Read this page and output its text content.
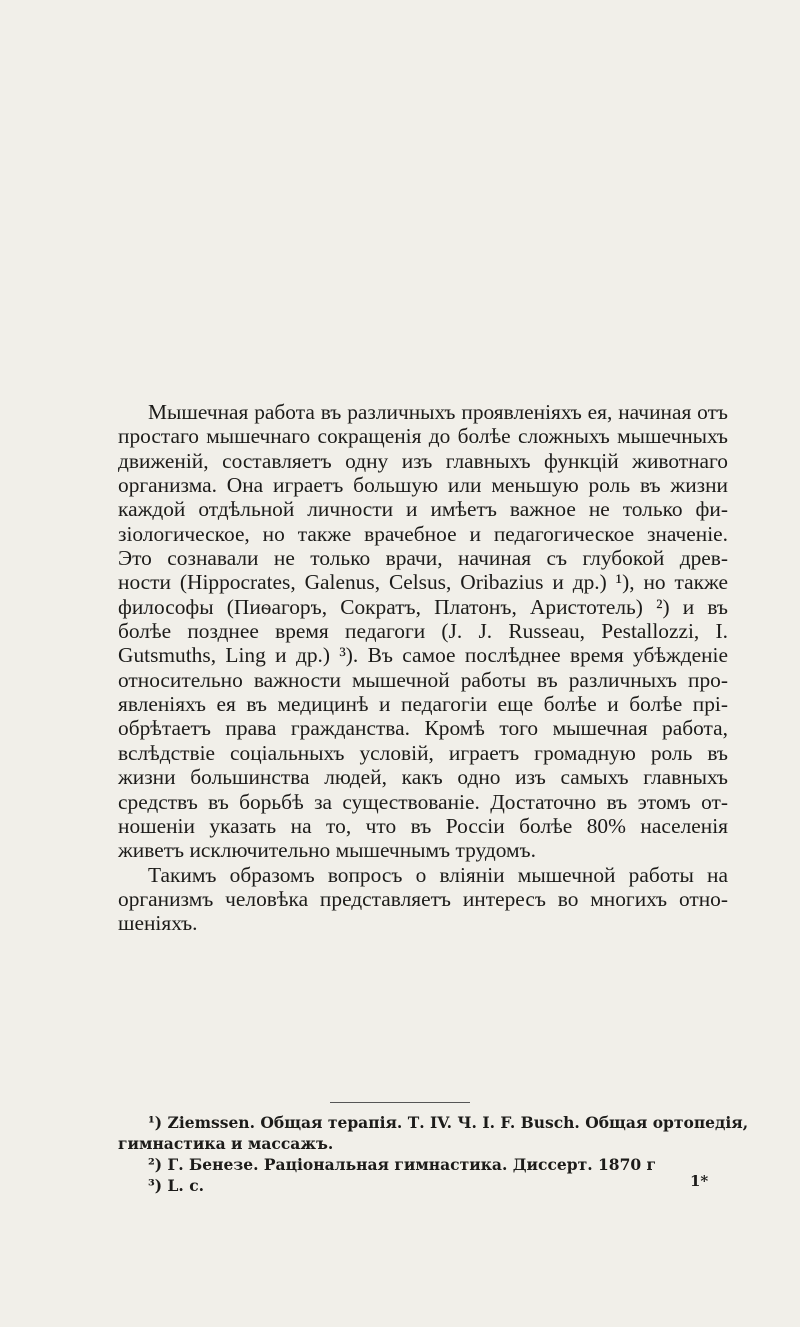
Мышечная работа въ различныхъ проявленіяхъ ея, начиная отъ
простаго мышечнаго сокращенія до болѣе сложныхъ мышечныхъ
движеній, составляетъ одну изъ главныхъ функцій животнаго
организма. Она играетъ большую или меньшую роль въ жизни
каждой отдѣльной личности и имѣетъ важное не только фи-
зіологическое, но также врачебное и педагогическое значеніе.
Это сознавали не только врачи, начиная съ глубокой древ-
ности (Hippocrates, Galenus, Celsus, Oribazius и др.) ¹), но также
философы (Пиѳагоръ, Сократъ, Платонъ, Аристотель) ²) и въ
болѣе позднее время педагоги (J. J. Russeau, Pestallozzi, I.
Gutsmuths, Ling и др.) ³). Въ самое послѣднее время убѣжденіе
относительно важности мышечной работы въ различныхъ про-
явленіяхъ ея въ медицинѣ и педагогіи еще болѣе и болѣе прі-
обрѣтаетъ права гражданства. Кромѣ того мышечная работа,
вслѣдствіе соціальныхъ условій, играетъ громадную роль въ
жизни большинства людей, какъ одно изъ самыхъ главныхъ
средствъ въ борьбѣ за существованіе. Достаточно въ этомъ от-
ношеніи указать на то, что въ Россіи болѣе 80% населенія
живетъ исключительно мышечнымъ трудомъ.
Такимъ образомъ вопросъ о вліяніи мышечной работы на
организмъ человѣка представляетъ интересъ во многихъ отно-
шеніяхъ.
¹) Ziemssen. Общая терапія. Т. IV. Ч. I. F. Busch. Общая ортопедія,
гимнастика и массажъ.
²) Г. Бенезе. Раціональная гимнастика. Диссерт. 1870 г
³) L. c.	1*
